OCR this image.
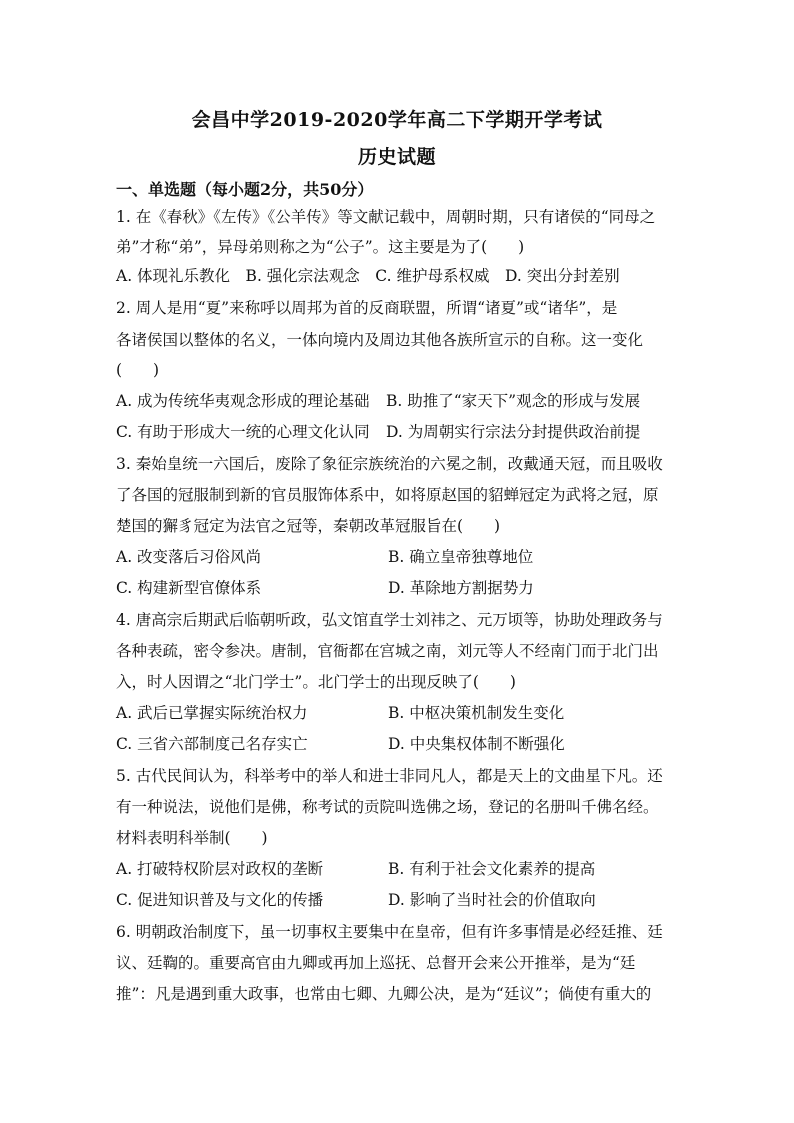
会昌中学2019-2020学年高二下学期开学考试
历史试题
一、单选题（每小题2分，共50分）
1. 在《春秋》《左传》《公羊传》等文献记载中，周朝时期，只有诸侯的“同母之
弟”才称“弟”，异母弟则称之为“公子”。这主要是为了(　　)
A. 体现礼乐教化　B. 强化宗法观念　C. 维护母系权威　D. 突出分封差别
2. 周人是用“夏”来称呼以周邦为首的反商联盟，所谓“诸夏”或“诸华”，是
各诸侯国以整体的名义，一体向境内及周边其他各族所宣示的自称。这一变化
(　　)
A. 成为传统华夷观念形成的理论基础 B. 助推了“家天下”观念的形成与发展
C. 有助于形成大一统的心理文化认同 D. 为周朝实行宗法分封提供政治前提
3. 秦始皇统一六国后，废除了象征宗族统治的六冕之制，改戴通天冠，而且吸收
了各国的冠服制到新的官员服饰体系中，如将原赵国的貂蝉冠定为武将之冠，原
楚国的獬豸冠定为法官之冠等，秦朝改革冠服旨在(　　)
A. 改变落后习俗风尚	B. 确立皇帝独尊地位
C. 构建新型官僚体系	D. 革除地方割据势力
4. 唐高宗后期武后临朝听政，弘文馆直学士刘祎之、元万顷等，协助处理政务与
各种表疏，密令参决。唐制，官衙都在宫城之南，刘元等人不经南门而于北门出
入，时人因谓之“北门学士”。北门学士的出现反映了(　　)
A. 武后已掌握实际统治权力	B. 中枢决策机制发生变化
C. 三省六部制度己名存实亡	D. 中央集权体制不断强化
5. 古代民间认为，科举考中的举人和进士非同凡人，都是天上的文曲星下凡。还
有一种说法，说他们是佛，称考试的贡院叫选佛之场，登记的名册叫千佛名经。
材料表明科举制(　　)
A. 打破特权阶层对政权的垄断	B. 有利于社会文化素养的提高
C. 促进知识普及与文化的传播	D. 影响了当时社会的价值取向
6. 明朝政治制度下，虽一切事权主要集中在皇帝，但有许多事情是必经廷推、廷
议、廷鞫的。重要高官由九卿或再加上巡抚、总督开会来公开推举，是为“廷
推”：凡是遇到重大政事，也常由七卿、九卿公决，是为“廷议”；倘使有重大的
